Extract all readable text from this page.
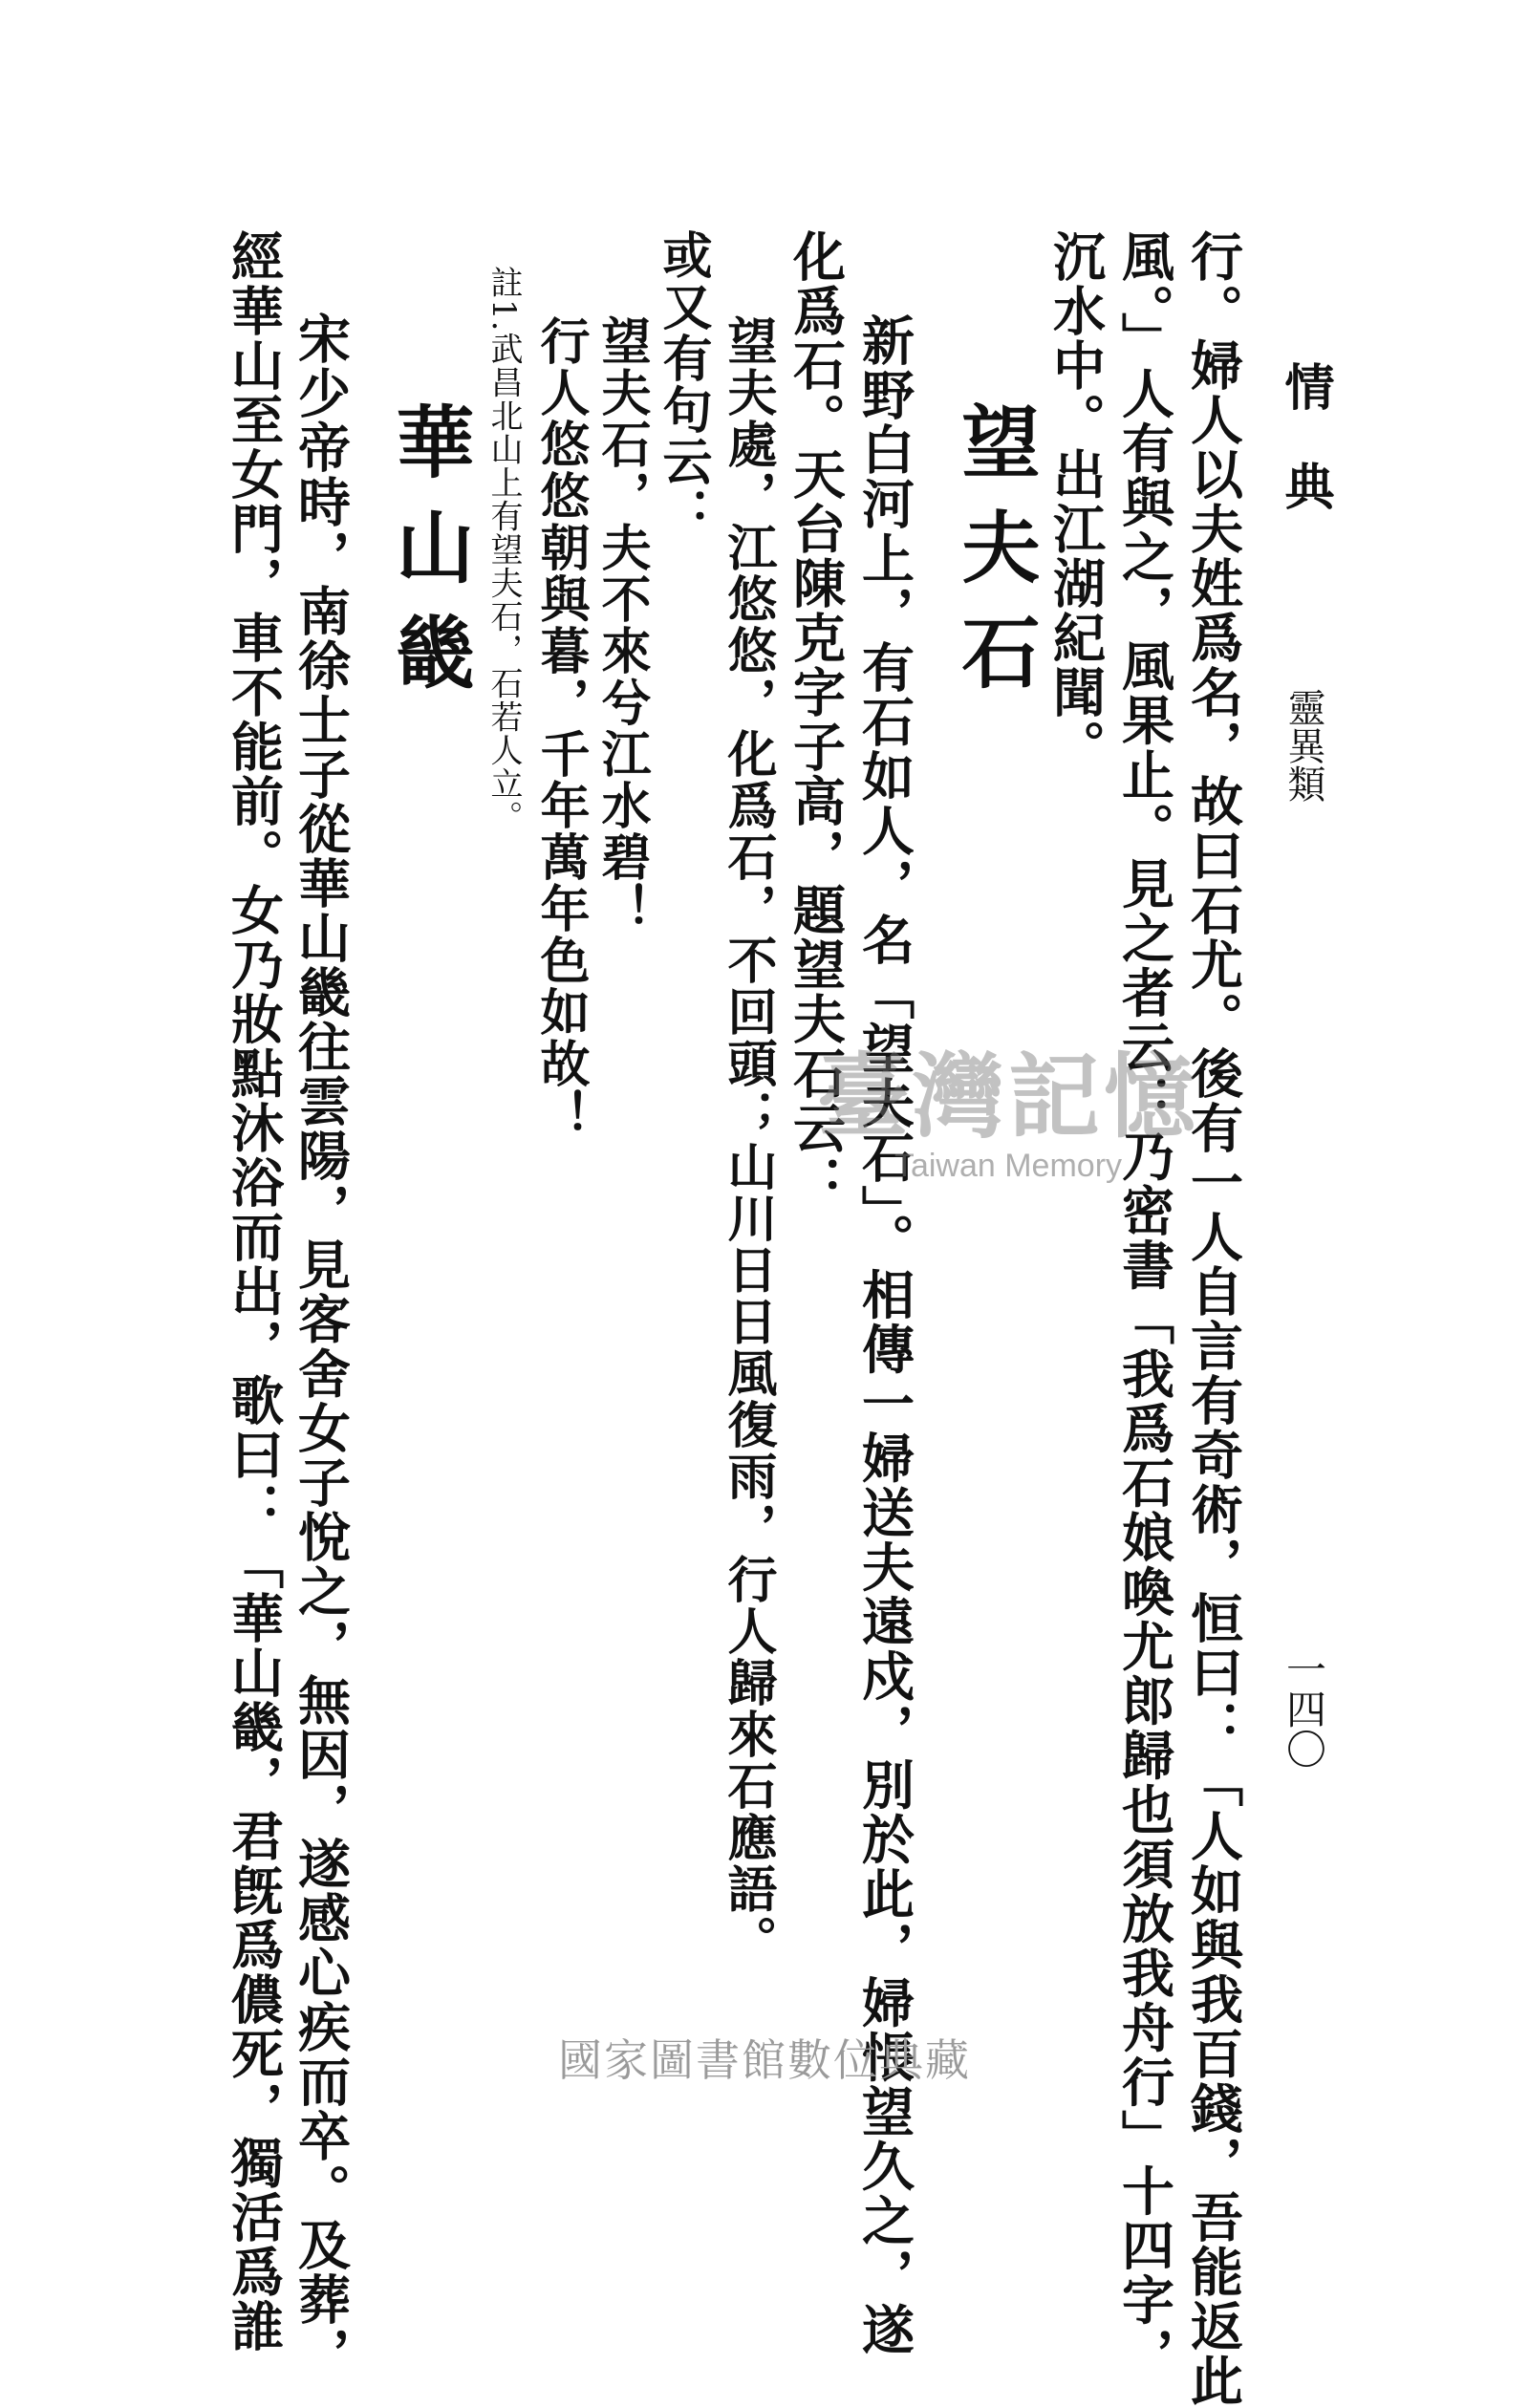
情　典
靈異類
一四〇
行。婦人以夫姓爲名，故曰石尤。後有一人自言有奇術，恒曰：「人如與我百錢，吾能返此
風。」人有與之，風果止。見之者云：乃密書「我爲石娘喚尤郎歸也須放我舟行」十四字，
沉水中。出江湖紀聞。
望夫石
新野白河上，有石如人，名「望夫石」。相傳一婦送夫遠戍，別於此，婦悵望久之，遂
化爲石。天台陳克字子高，題望夫石云：
望夫處，江悠悠，化爲石，不回頭；山川日日風復雨，行人歸來石應語。
或又有句云：
望夫石，夫不來兮江水碧！
行人悠悠朝與暮，千年萬年色如故！
註1.武昌北山上有望夫石，石若人立。
華山畿
宋少帝時，南徐士子從華山畿往雲陽，見客舍女子悅之，無因，遂感心疾而卒。及葬，
經華山至女門，車不能前。女乃妝點沐浴而出，歌曰：「華山畿，君旣爲儂死，獨活爲誰	臺灣記憶
Taiwan Memory
國家圖書館數位典藏
